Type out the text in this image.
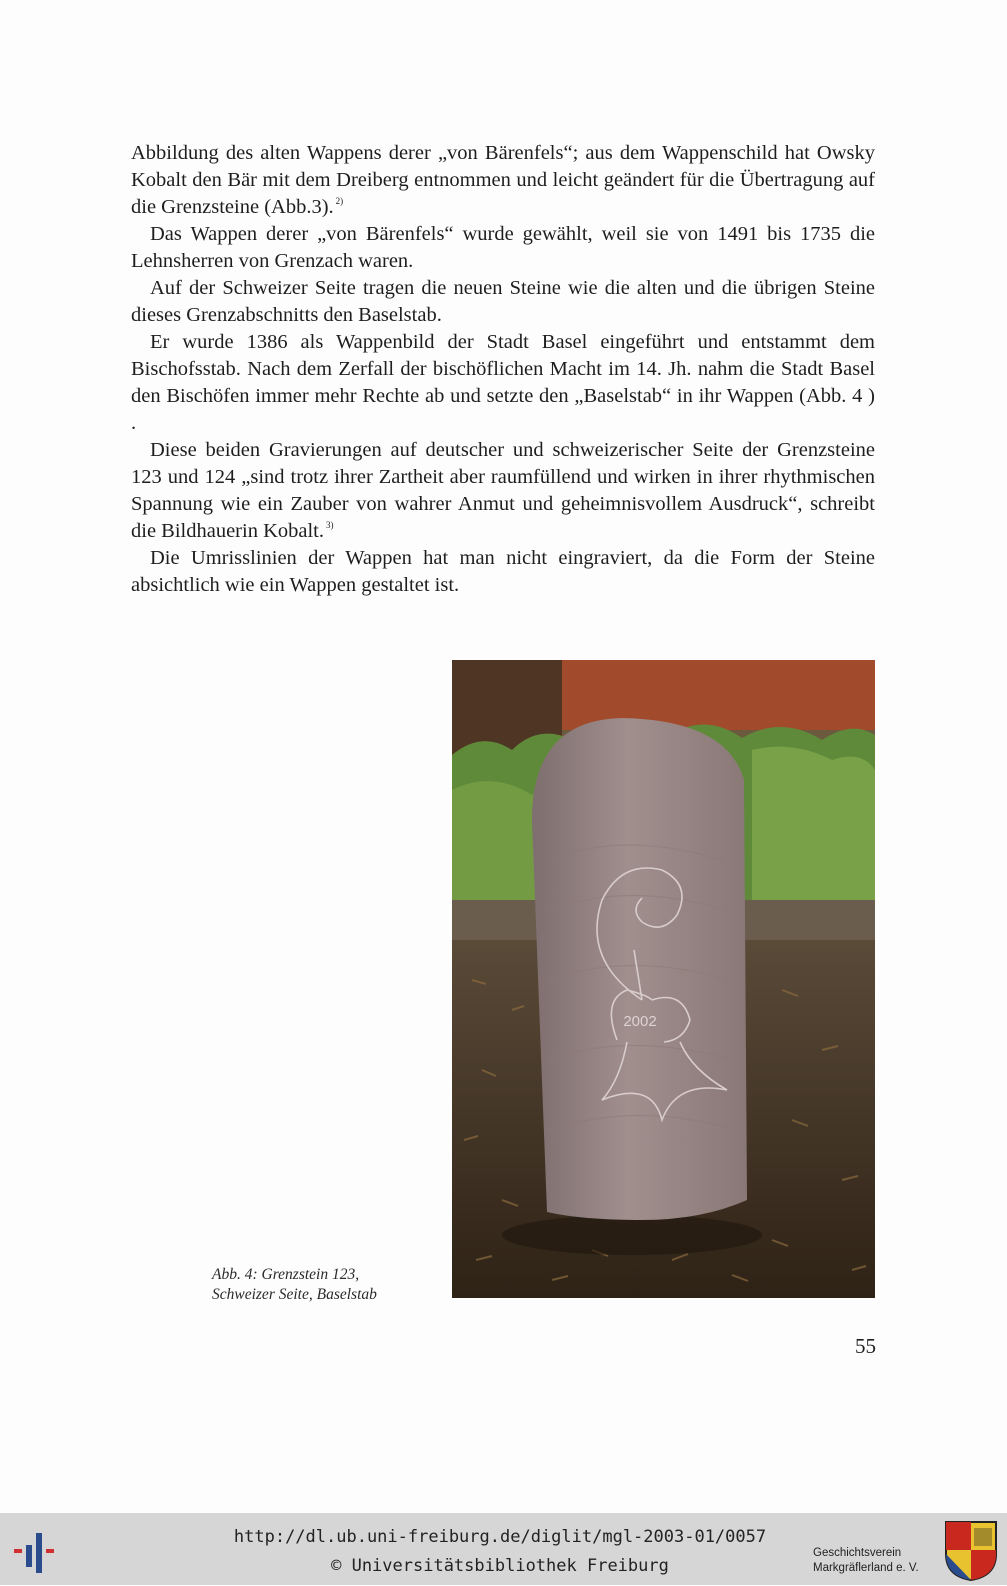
Abbildung des alten Wappens derer „von Bärenfels“; aus dem Wappenschild hat Owsky Kobalt den Bär mit dem Dreiberg entnommen und leicht geändert für die Übertragung auf die Grenzsteine (Abb.3). $^{2)}$

Das Wappen derer „von Bärenfels“ wurde gewählt, weil sie von 1491 bis 1735 die Lehnsherren von Grenzach waren.

Auf der Schweizer Seite tragen die neuen Steine wie die alten und die übrigen Steine dieses Grenzabschnitts den Baselstab.

Er wurde 1386 als Wappenbild der Stadt Basel eingeführt und entstammt dem Bischofsstab. Nach dem Zerfall der bischöflichen Macht im 14. Jh. nahm die Stadt Basel den Bischöfen immer mehr Rechte ab und setzte den „Baselstab“ in ihr Wappen (Abb. 4 ) .

Diese beiden Gravierungen auf deutscher und schweizerischer Seite der Grenzsteine 123 und 124 „sind trotz ihrer Zartheit aber raumfüllend und wirken in ihrer rhythmischen Spannung wie ein Zauber von wahrer Anmut und geheimnisvollem Ausdruck“, schreibt die Bildhauerin Kobalt. $^{3)}$

Die Umrisslinien der Wappen hat man nicht eingraviert, da die Form der Steine absichtlich wie ein Wappen gestaltet ist.

2002
Abb. 4: Grenzstein 123,
Schweizer Seite, Baselstab
55
http://dl.ub.uni-freiburg.de/diglit/mgl-2003-01/0057
© Universitätsbibliothek Freiburg
Geschichtsverein
Markgräflerland e. V.
